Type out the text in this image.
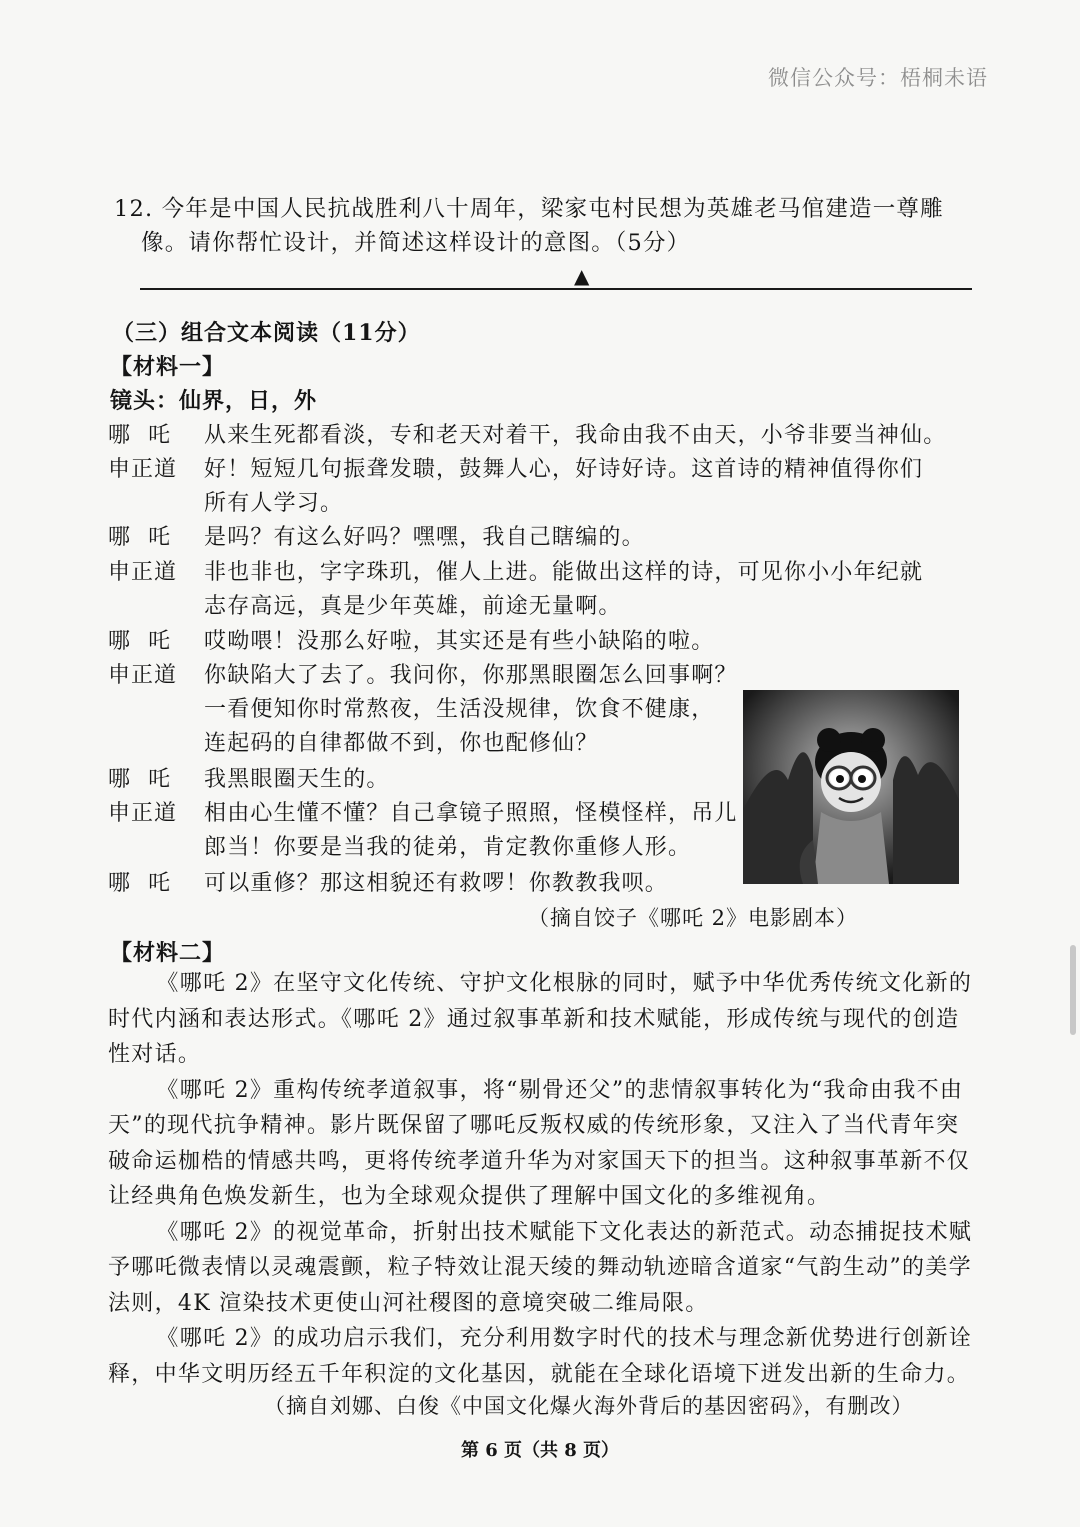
微信公众号：梧桐未语
12. 今年是中国人民抗战胜利八十周年，梁家屯村民想为英雄老马倌建造一尊雕
像。请你帮忙设计，并简述这样设计的意图。（5分）
▲
（三）组合文本阅读（11分）
【材料一】
镜头：仙界，日，外
哪吒 从来生死都看淡，专和老天对着干，我命由我不由天，小爷非要当神仙。
申正道 好！短短几句振聋发聩，鼓舞人心，好诗好诗。这首诗的精神值得你们
所有人学习。
哪吒 是吗？有这么好吗？嘿嘿，我自己瞎编的。
申正道 非也非也，字字珠玑，催人上进。能做出这样的诗，可见你小小年纪就
志存高远，真是少年英雄，前途无量啊。
哪吒 哎呦喂！没那么好啦，其实还是有些小缺陷的啦。
申正道 你缺陷大了去了。我问你，你那黑眼圈怎么回事啊？
一看便知你时常熬夜，生活没规律，饮食不健康，
连起码的自律都做不到，你也配修仙？
哪吒 我黑眼圈天生的。
申正道 相由心生懂不懂？自己拿镜子照照，怪模怪样，吊儿
郎当！你要是当我的徒弟，肯定教你重修人形。
哪吒 可以重修？那这相貌还有救啰！你教教我呗。
（摘自饺子《哪吒 2》电影剧本）
【材料二】

《哪吒 2》在坚守文化传统、守护文化根脉的同时，赋予中华优秀传统文化新的时代内涵和表达形式。《哪吒 2》通过叙事革新和技术赋能，形成传统与现代的创造性对话。

《哪吒 2》重构传统孝道叙事，将“剔骨还父”的悲情叙事转化为“我命由我不由天”的现代抗争精神。影片既保留了哪吒反叛权威的传统形象，又注入了当代青年突破命运枷梏的情感共鸣，更将传统孝道升华为对家国天下的担当。这种叙事革新不仅让经典角色焕发新生，也为全球观众提供了理解中国文化的多维视角。

《哪吒 2》的视觉革命，折射出技术赋能下文化表达的新范式。动态捕捉技术赋予哪吒微表情以灵魂震颤，粒子特效让混天绫的舞动轨迹暗含道家“气韵生动”的美学法则，4K 渲染技术更使山河社稷图的意境突破二维局限。

《哪吒 2》的成功启示我们，充分利用数字时代的技术与理念新优势进行创新诠释，中华文明历经五千年积淀的文化基因，就能在全球化语境下迸发出新的生命力。

（摘自刘娜、白俊《中国文化爆火海外背后的基因密码》，有删改）
第 6 页（共 8 页）
